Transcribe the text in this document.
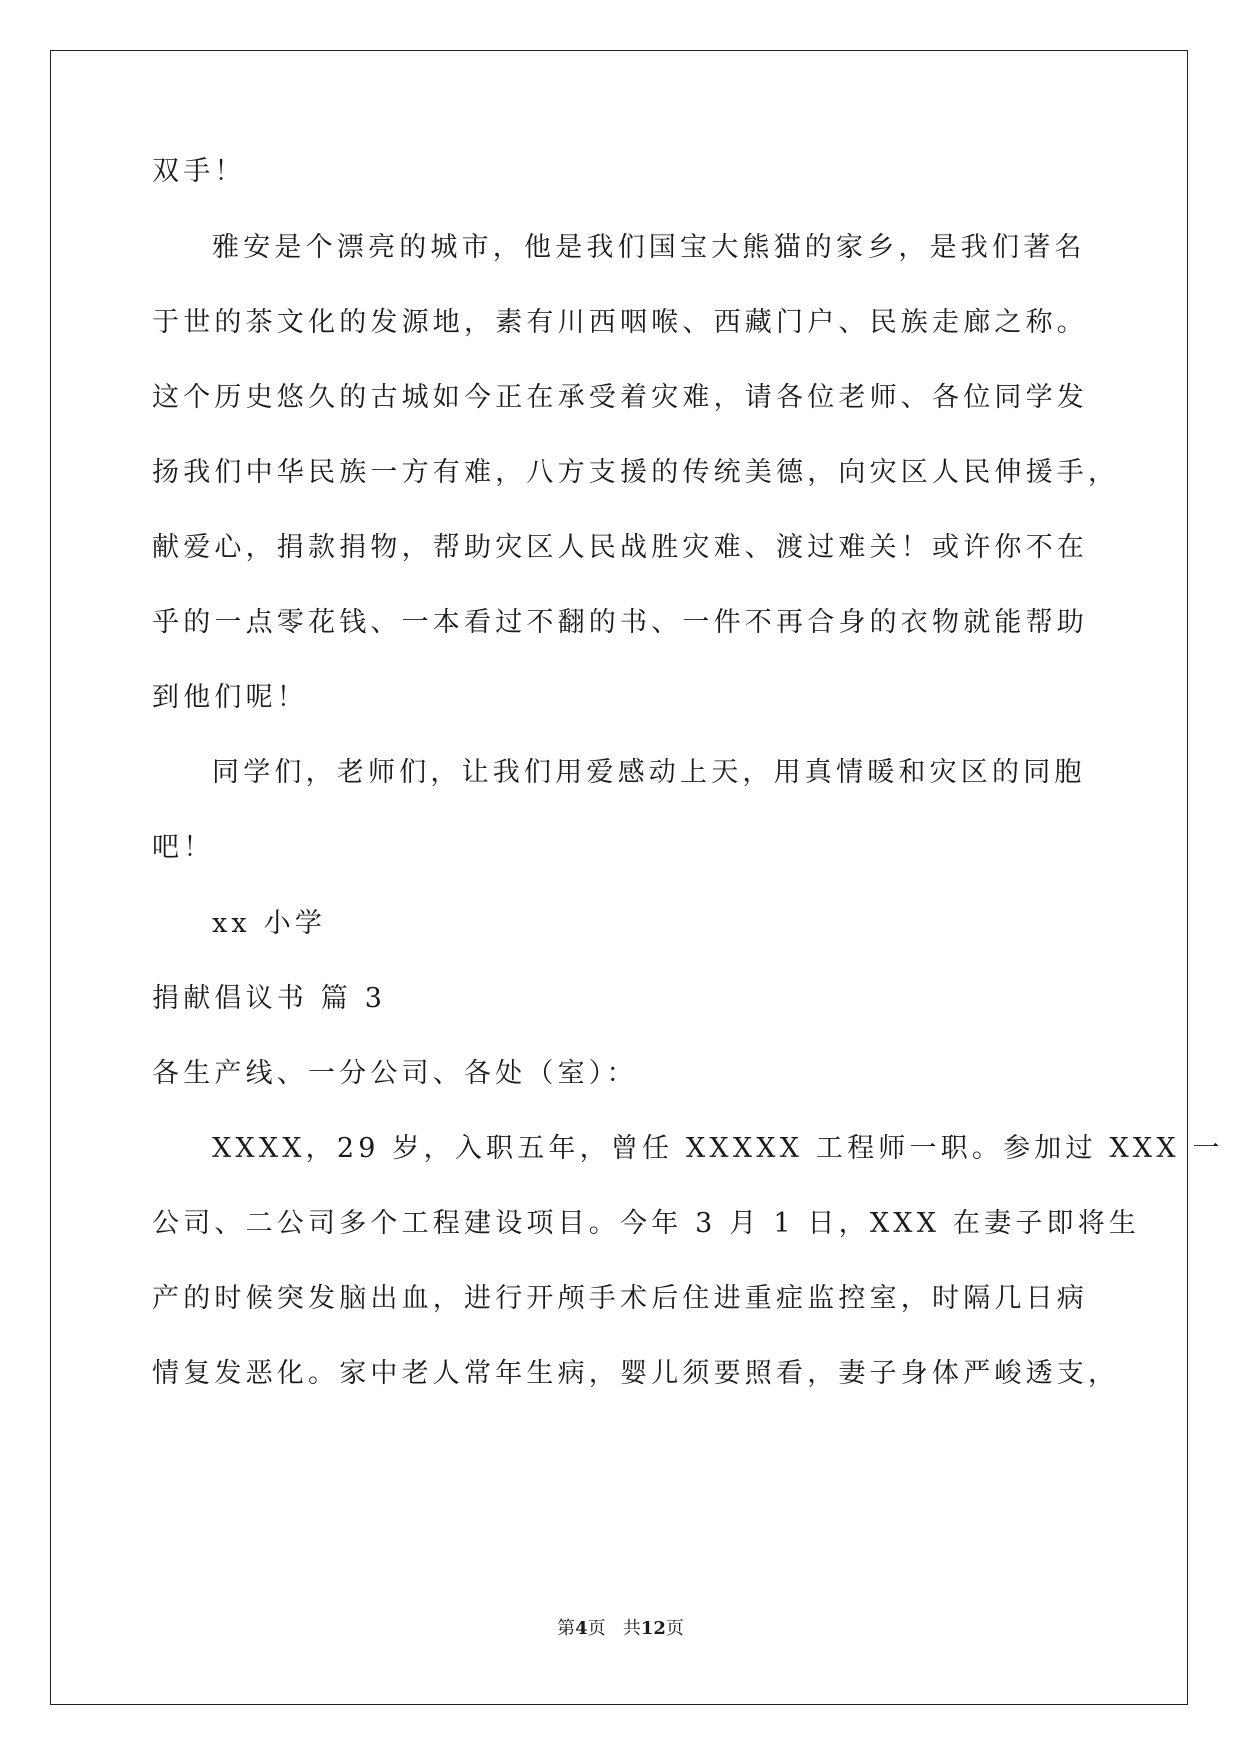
双手！
雅安是个漂亮的城市，他是我们国宝大熊猫的家乡，是我们著名
于世的茶文化的发源地，素有川西咽喉、西藏门户、民族走廊之称。
这个历史悠久的古城如今正在承受着灾难，请各位老师、各位同学发
扬我们中华民族一方有难，八方支援的传统美德，向灾区人民伸援手，
献爱心，捐款捐物，帮助灾区人民战胜灾难、渡过难关！或许你不在
乎的一点零花钱、一本看过不翻的书、一件不再合身的衣物就能帮助
到他们呢！
同学们，老师们，让我们用爱感动上天，用真情暖和灾区的同胞
吧！
xx 小学
捐献倡议书 篇 3
各生产线、一分公司、各处（室）：
XXXX，29 岁，入职五年，曾任 XXXXX 工程师一职。参加过 XXX 一
公司、二公司多个工程建设项目。今年 3 月 1 日，XXX 在妻子即将生
产的时候突发脑出血，进行开颅手术后住进重症监控室，时隔几日病
情复发恶化。家中老人常年生病，婴儿须要照看，妻子身体严峻透支，
第4页 共12页
